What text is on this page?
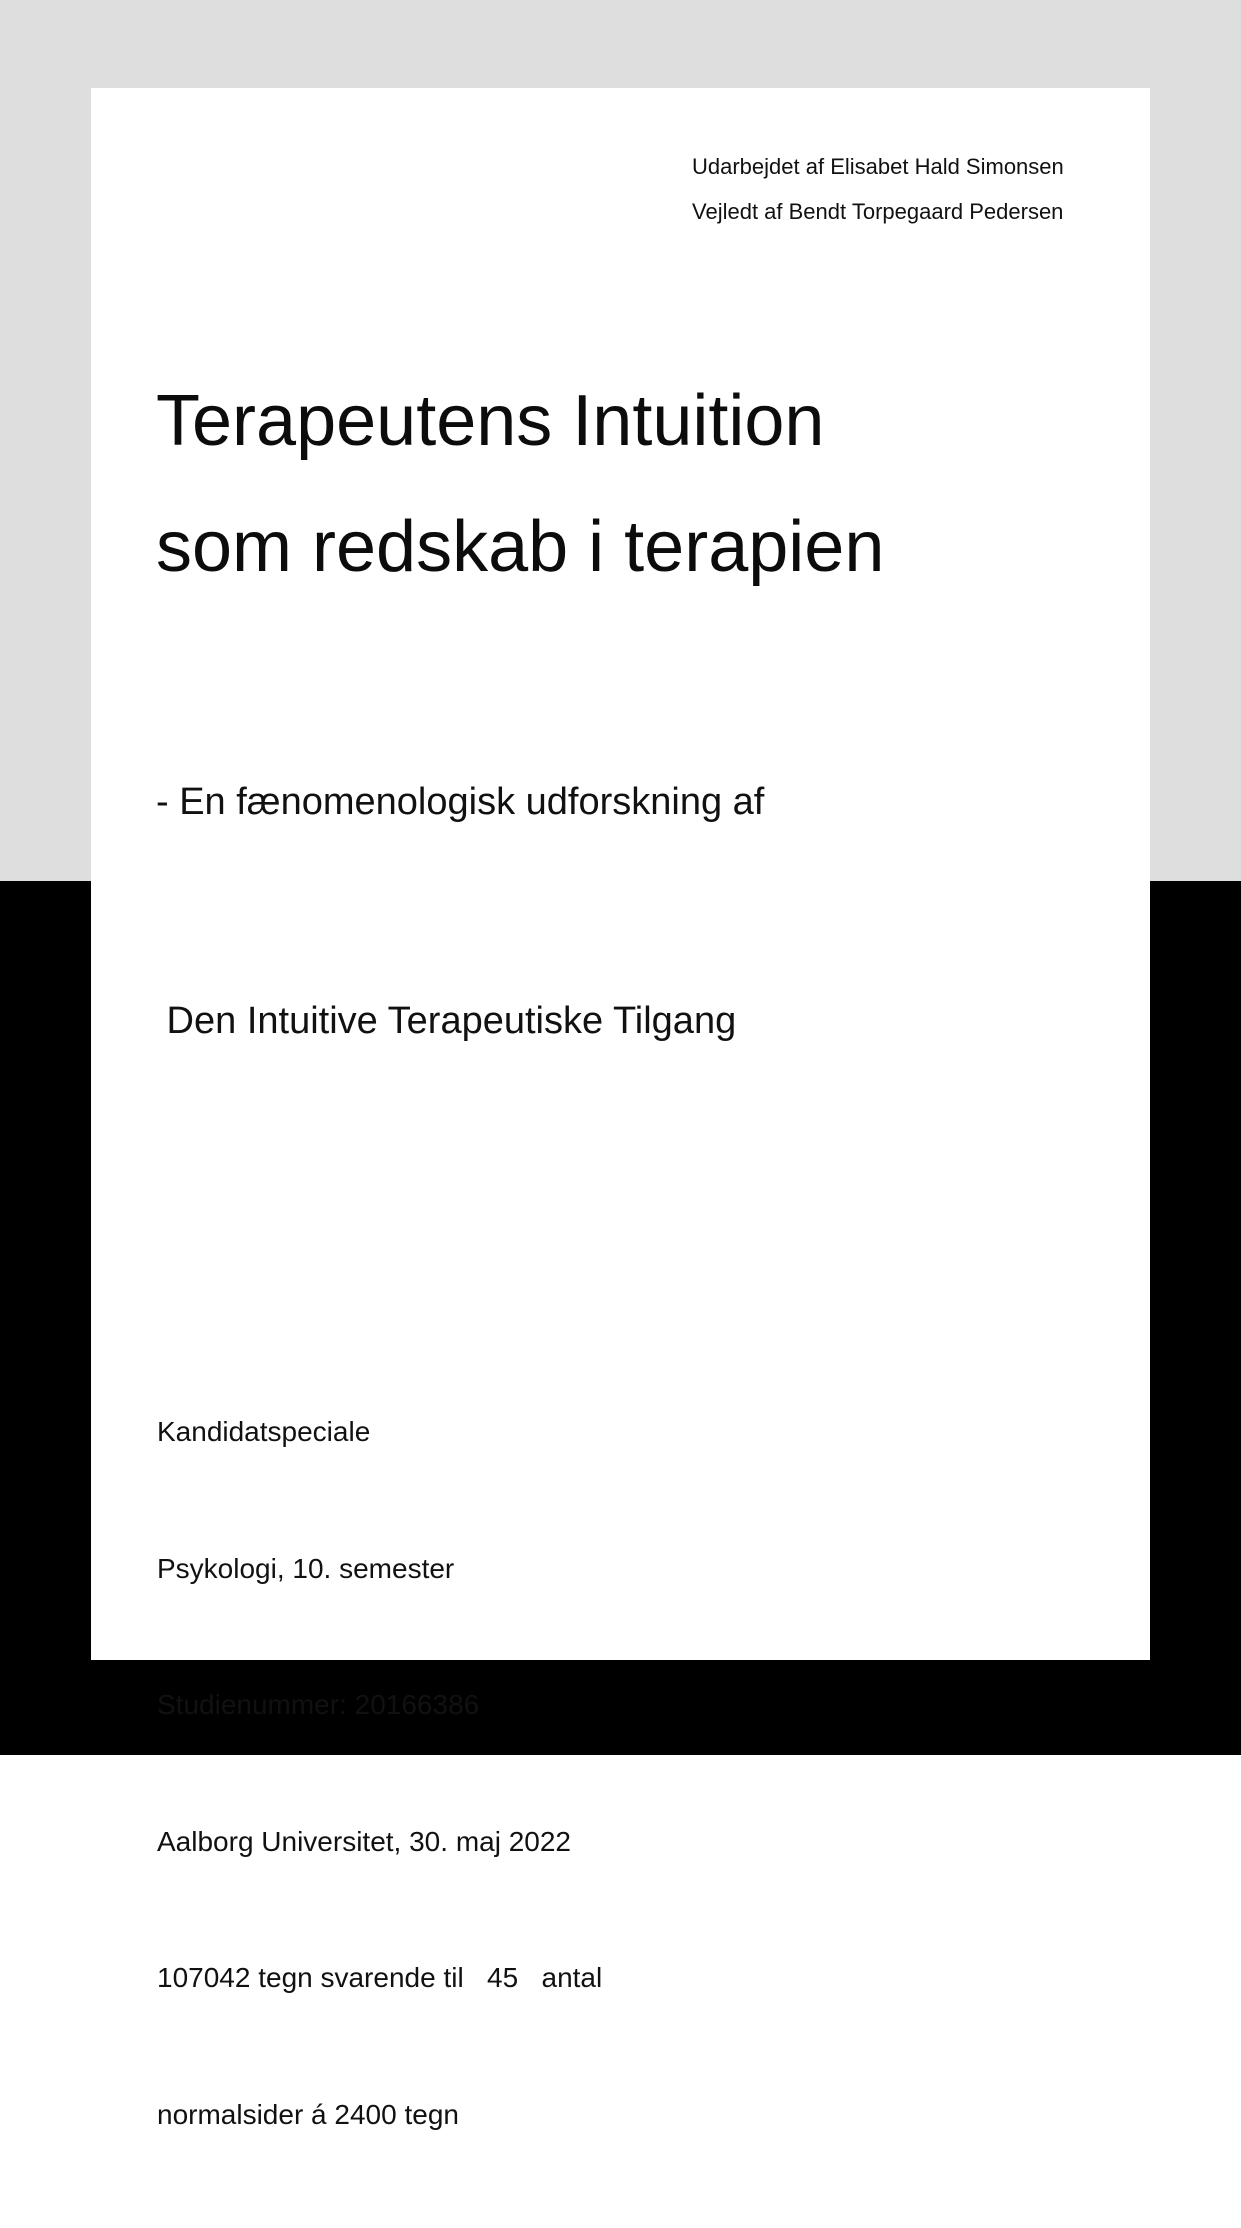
Udarbejdet af Elisabet Hald Simonsen
Vejledt af Bendt Torpegaard Pedersen
Terapeutens Intuition
som redskab i terapien

- En fænomenologisk udforskning af

Den Intuitive Terapeutiske Tilgang

Kandidatspeciale

Psykologi, 10. semester

Studienummer: 20166386

Aalborg Universitet, 30. maj 2022

107042 tegn svarende til   45   antal

normalsider á 2400 tegn
